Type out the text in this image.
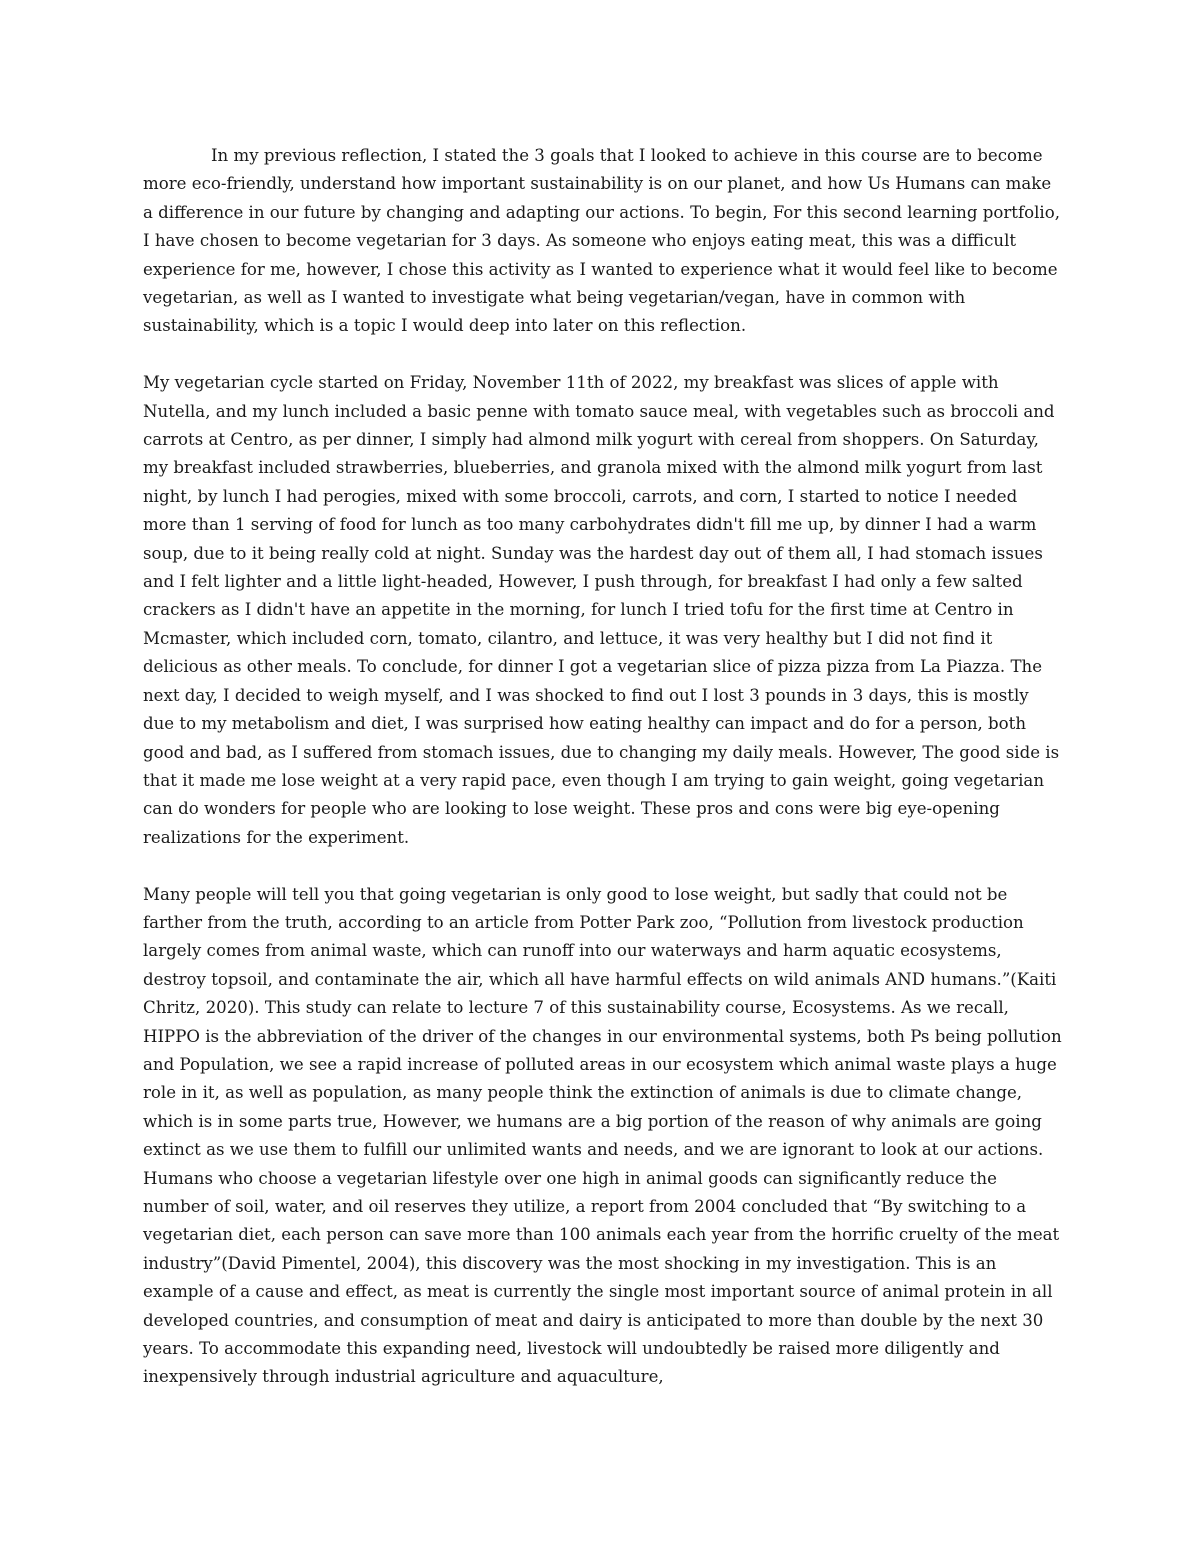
In my previous reflection, I stated the 3 goals that I looked to achieve in this course are to become more eco-friendly, understand how important sustainability is on our planet, and how Us Humans can make a difference in our future by changing and adapting our actions. To begin, For this second learning portfolio, I have chosen to become vegetarian for 3 days. As someone who enjoys eating meat, this was a difficult experience for me, however, I chose this activity as I wanted to experience what it would feel like to become vegetarian, as well as I wanted to investigate what being vegetarian/vegan, have in common with sustainability, which is a topic I would deep into later on this reflection.

My vegetarian cycle started on Friday, November 11th of 2022, my breakfast was slices of apple with Nutella, and my lunch included a basic penne with tomato sauce meal, with vegetables such as broccoli and carrots at Centro, as per dinner, I simply had almond milk yogurt with cereal from shoppers. On Saturday, my breakfast included strawberries, blueberries, and granola mixed with the almond milk yogurt from last night, by lunch I had perogies, mixed with some broccoli, carrots, and corn, I started to notice I needed more than 1 serving of food for lunch as too many carbohydrates didn't fill me up, by dinner I had a warm soup, due to it being really cold at night. Sunday was the hardest day out of them all, I had stomach issues and I felt lighter and a little light-headed, However, I push through, for breakfast I had only a few salted crackers as I didn't have an appetite in the morning, for lunch I tried tofu for the first time at Centro in Mcmaster, which included corn, tomato, cilantro, and lettuce, it was very healthy but I did not find it delicious as other meals. To conclude, for dinner I got a vegetarian slice of pizza pizza from La Piazza. The next day, I decided to weigh myself, and I was shocked to find out I lost 3 pounds in 3 days, this is mostly due to my metabolism and diet, I was surprised how eating healthy can impact and do for a person, both good and bad, as I suffered from stomach issues, due to changing my daily meals. However, The good side is that it made me lose weight at a very rapid pace, even though I am trying to gain weight, going vegetarian can do wonders for people who are looking to lose weight. These pros and cons were big eye-opening realizations for the experiment.

Many people will tell you that going vegetarian is only good to lose weight, but sadly that could not be farther from the truth, according to an article from Potter Park zoo, “Pollution from livestock production largely comes from animal waste, which can runoff into our waterways and harm aquatic ecosystems, destroy topsoil, and contaminate the air, which all have harmful effects on wild animals AND humans.”(Kaiti Chritz, 2020). This study can relate to lecture 7 of this sustainability course, Ecosystems. As we recall, HIPPO is the abbreviation of the driver of the changes in our environmental systems, both Ps being pollution and Population, we see a rapid increase of polluted areas in our ecosystem which animal waste plays a huge role in it, as well as population, as many people think the extinction of animals is due to climate change, which is in some parts true, However, we humans are a big portion of the reason of why animals are going extinct as we use them to fulfill our unlimited wants and needs, and we are ignorant to look at our actions. Humans who choose a vegetarian lifestyle over one high in animal goods can significantly reduce the number of soil, water, and oil reserves they utilize, a report from 2004 concluded that “By switching to a vegetarian diet, each person can save more than 100 animals each year from the horrific cruelty of the meat industry”(David Pimentel, 2004), this discovery was the most shocking in my investigation. This is an example of a cause and effect, as meat is currently the single most important source of animal protein in all developed countries, and consumption of meat and dairy is anticipated to more than double by the next 30 years. To accommodate this expanding need, livestock will undoubtedly be raised more diligently and inexpensively through industrial agriculture and aquaculture,
